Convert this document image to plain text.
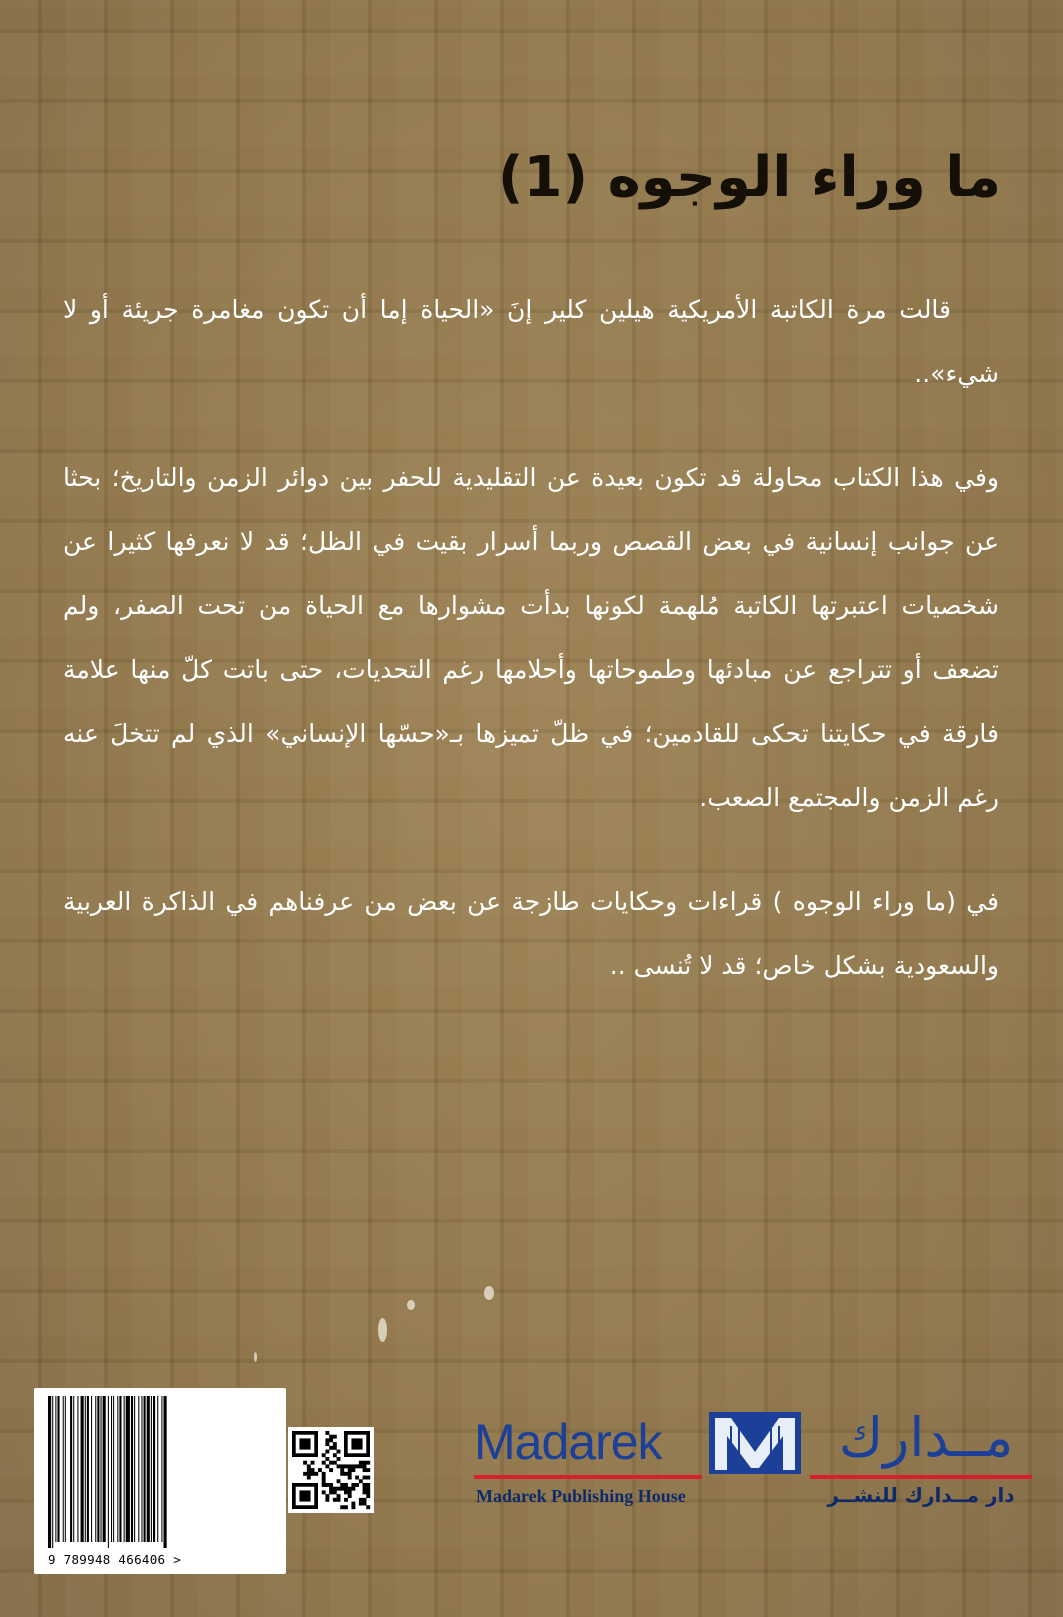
ما وراء الوجوه (1)

قالت مرة الكاتبة الأمريكية هيلين كلير إنَ «الحياة إما أن تكون مغامرة جريئة أو لا شيء»..

وفي هذا الكتاب محاولة قد تكون بعيدة عن التقليدية للحفر بين دوائر الزمن والتاريخ؛ بحثا عن جوانب إنسانية في بعض القصص وربما أسرار بقيت في الظل؛ قد لا نعرفها كثيرا عن شخصيات اعتبرتها الكاتبة مُلهمة لكونها بدأت مشوارها مع الحياة من تحت الصفر، ولم تضعف أو تتراجع عن مبادئها وطموحاتها وأحلامها رغم التحديات، حتى باتت كلّ منها علامة فارقة في حكايتنا تحكى للقادمين؛ في ظلّ تميزها بـ«حسّها الإنساني» الذي لم تتخلَ عنه رغم الزمن والمجتمع الصعب.

في (ما وراء الوجوه ) قراءات وحكايات طازجة عن بعض من عرفناهم في الذاكرة العربية والسعودية بشكل خاص؛ قد لا تُنسى ..

9 789948 466406 >

Madarek	مــدارك

Madarek Publishing House	دار مــدارك للنشــر
